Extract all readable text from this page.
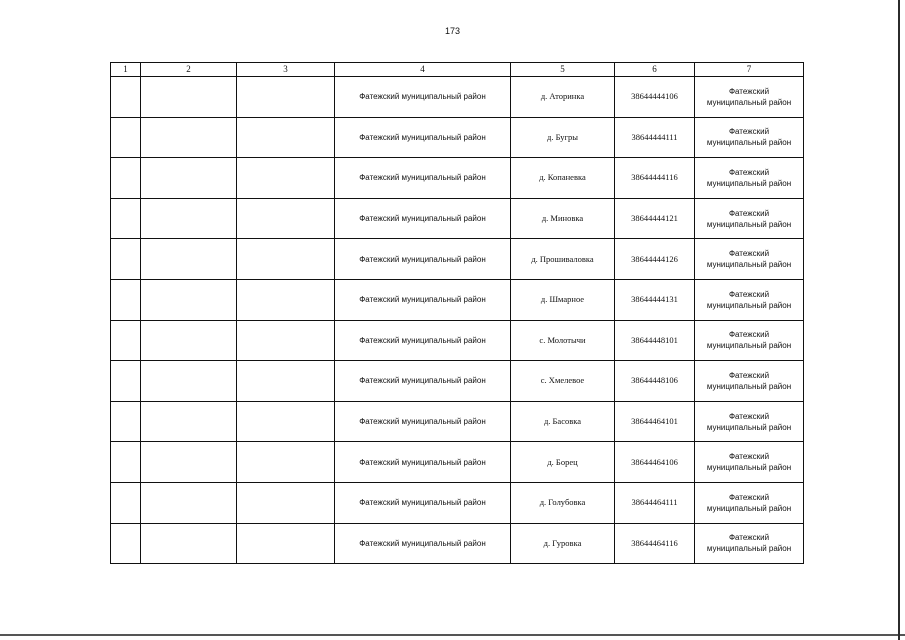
173
1	2	3	4	5	6	7
			Фатежский муниципальный район	д. Аторинка	38644444106	Фатежский
муниципальный район

			Фатежский муниципальный район	д. Бугры	38644444111	Фатежский
муниципальный район

			Фатежский муниципальный район	д. Копаневка	38644444116	Фатежский
муниципальный район

			Фатежский муниципальный район	д. Миновка	38644444121	Фатежский
муниципальный район

			Фатежский муниципальный район	д. Прошиваловка	38644444126	Фатежский
муниципальный район

			Фатежский муниципальный район	д. Шмарное	38644444131	Фатежский
муниципальный район

			Фатежский муниципальный район	с. Молотычи	38644448101	Фатежский
муниципальный район

			Фатежский муниципальный район	с. Хмелевое	38644448106	Фатежский
муниципальный район

			Фатежский муниципальный район	д. Басовка	38644464101	Фатежский
муниципальный район

			Фатежский муниципальный район	д. Борец	38644464106	Фатежский
муниципальный район

			Фатежский муниципальный район	д. Голубовка	38644464111	Фатежский
муниципальный район

			Фатежский муниципальный район	д. Гуровка	38644464116	Фатежский
муниципальный район
